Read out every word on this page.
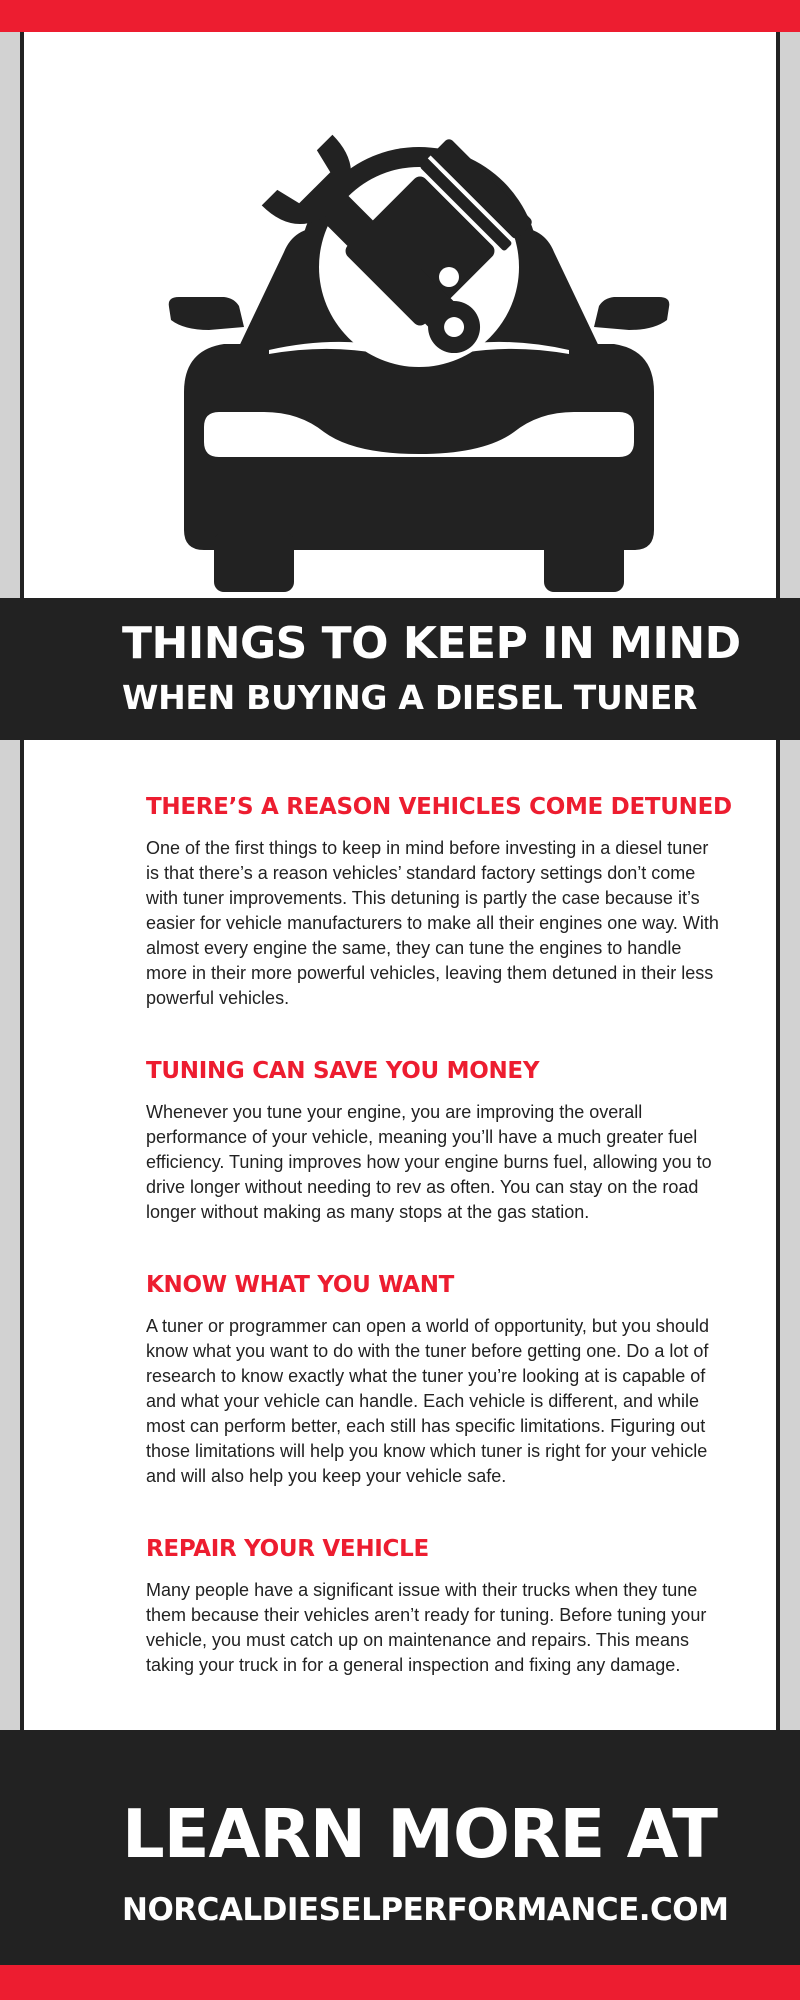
THINGS TO KEEP IN MIND
WHEN BUYING A DIESEL TUNER
THERE’S A REASON VEHICLES COME DETUNED

One of the first things to keep in mind before investing in a diesel tuner is that there’s a reason vehicles’ standard factory settings don’t come with tuner improvements. This detuning is partly the case because it’s easier for vehicle manufacturers to make all their engines one way. With almost every engine the same, they can tune the engines to handle more in their more powerful vehicles, leaving them detuned in their less powerful vehicles.

TUNING CAN SAVE YOU MONEY

Whenever you tune your engine, you are improving the overall performance of your vehicle, meaning you’ll have a much greater fuel efficiency. Tuning improves how your engine burns fuel, allowing you to drive longer without needing to rev as often. You can stay on the road longer without making as many stops at the gas station.

KNOW WHAT YOU WANT

A tuner or programmer can open a world of opportunity, but you should know what you want to do with the tuner before getting one. Do a lot of research to know exactly what the tuner you’re looking at is capable of and what your vehicle can handle. Each vehicle is different, and while most can perform better, each still has specific limitations. Figuring out those limitations will help you know which tuner is right for your vehicle and will also help you keep your vehicle safe.

REPAIR YOUR VEHICLE

Many people have a significant issue with their trucks when they tune them because their vehicles aren’t ready for tuning. Before tuning your vehicle, you must catch up on maintenance and repairs. This means taking your truck in for a general inspection and fixing any damage.

LEARN MORE AT
NORCALDIESELPERFORMANCE.COM
